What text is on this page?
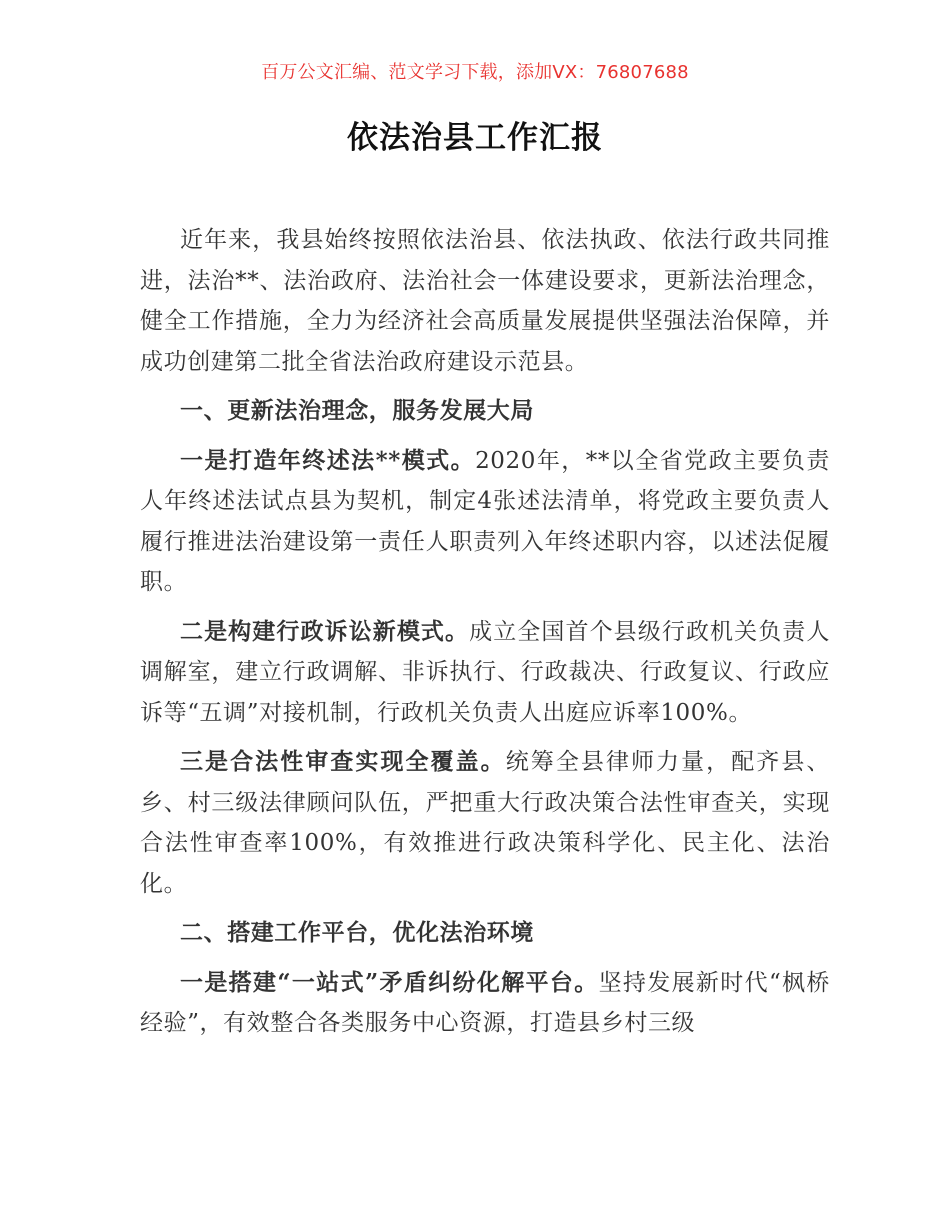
百万公文汇编、范文学习下载，添加VX：76807688
依法治县工作汇报

近年来，我县始终按照依法治县、依法执政、依法行政共同推进，法治**、法治政府、法治社会一体建设要求，更新法治理念，健全工作措施，全力为经济社会高质量发展提供坚强法治保障，并成功创建第二批全省法治政府建设示范县。

一、更新法治理念，服务发展大局

一是打造年终述法**模式。2020年，**以全省党政主要负责人年终述法试点县为契机，制定4张述法清单，将党政主要负责人履行推进法治建设第一责任人职责列入年终述职内容，以述法促履职。

二是构建行政诉讼新模式。成立全国首个县级行政机关负责人调解室，建立行政调解、非诉执行、行政裁决、行政复议、行政应诉等“五调”对接机制，行政机关负责人出庭应诉率100%。

三是合法性审查实现全覆盖。统筹全县律师力量，配齐县、乡、村三级法律顾问队伍，严把重大行政决策合法性审查关，实现合法性审查率100%，有效推进行政决策科学化、民主化、法治化。

二、搭建工作平台，优化法治环境

一是搭建“一站式”矛盾纠纷化解平台。坚持发展新时代“枫桥经验”，有效整合各类服务中心资源，打造县乡村三级
